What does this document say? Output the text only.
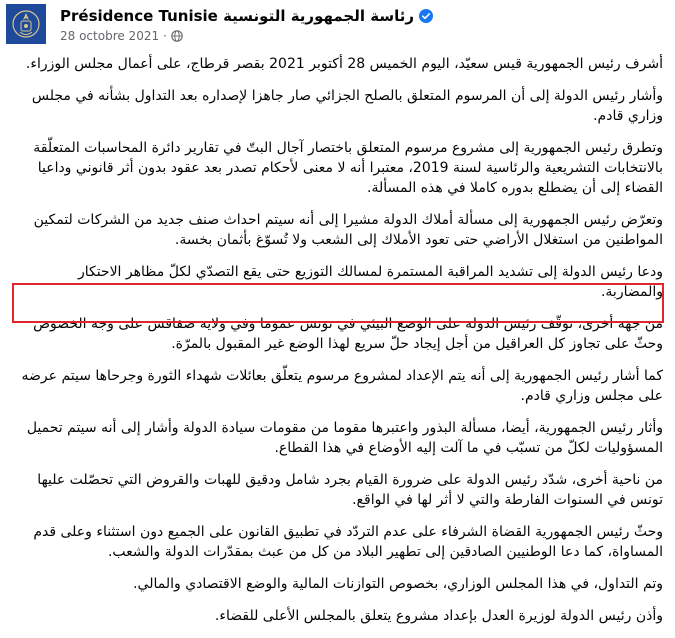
Présidence Tunisie رئاسة الجمهورية التونسية
28 octobre 2021 ·

أشرف رئيس الجمهورية قيس سعيّد، اليوم الخميس 28 أكتوبر 2021 بقصر قرطاج، على أعمال مجلس الوزراء.

وأشار رئيس الدولة إلى أن المرسوم المتعلق بالصلح الجزائي صار جاهزا لإصداره بعد التداول بشأنه في مجلس وزاري قادم.

وتطرق رئيس الجمهورية إلى مشروع مرسوم المتعلق باختصار آجال البتّ في تقارير دائرة المحاسبات المتعلّقة بالانتخابات التشريعية والرئاسية لسنة 2019، معتبرا أنه لا معنى لأحكام تصدر بعد عقود بدون أثر قانوني وداعيا القضاء إلى أن يضطلع بدوره كاملا في هذه المسألة.

وتعرّض رئيس الجمهورية إلى مسألة أملاك الدولة مشيرا إلى أنه سيتم احداث صنف جديد من الشركات لتمكين المواطنين من استغلال الأراضي حتى تعود الأملاك إلى الشعب ولا تُسوّغ بأثمان بخسة.

ودعا رئيس الدولة إلى تشديد المراقبة المستمرة لمسالك التوزيع حتى يقع التصدّي لكلّ مظاهر الاحتكار والمضاربة.

من جهة أخرى، توقّف رئيس الدولة على الوضع البيئي في تونس عموما وفي ولاية صفاقس على وجه الخصوص وحثّ على تجاوز كل العراقيل من أجل إيجاد حلّ سريع لهذا الوضع غير المقبول بالمرّة.

كما أشار رئيس الجمهورية إلى أنه يتم الإعداد لمشروع مرسوم يتعلّق بعائلات شهداء الثورة وجرحاها سيتم عرضه على مجلس وزاري قادم.

وأثار رئيس الجمهورية، أيضا، مسألة البذور واعتبرها مقوما من مقومات سيادة الدولة وأشار إلى أنه سيتم تحميل المسؤوليات لكلّ من تسبّب في ما آلت إليه الأوضاع في هذا القطاع.

من ناحية أخرى، شدّد رئيس الدولة على ضرورة القيام بجرد شامل ودقيق للهبات والقروض التي تحصّلت عليها تونس في السنوات الفارطة والتي لا أثر لها في الواقع.

وحثّ رئيس الجمهورية القضاة الشرفاء على عدم التردّد في تطبيق القانون على الجميع دون استثناء وعلى قدم المساواة، كما دعا الوطنيين الصادقين إلى تطهير البلاد من كل من عبث بمقدّرات الدولة والشعب.

وتم التداول، في هذا المجلس الوزاري، بخصوص التوازنات المالية والوضع الاقتصادي والمالي.

وأذن رئيس الدولة لوزيرة العدل بإعداد مشروع يتعلق بالمجلس الأعلى للقضاء.
